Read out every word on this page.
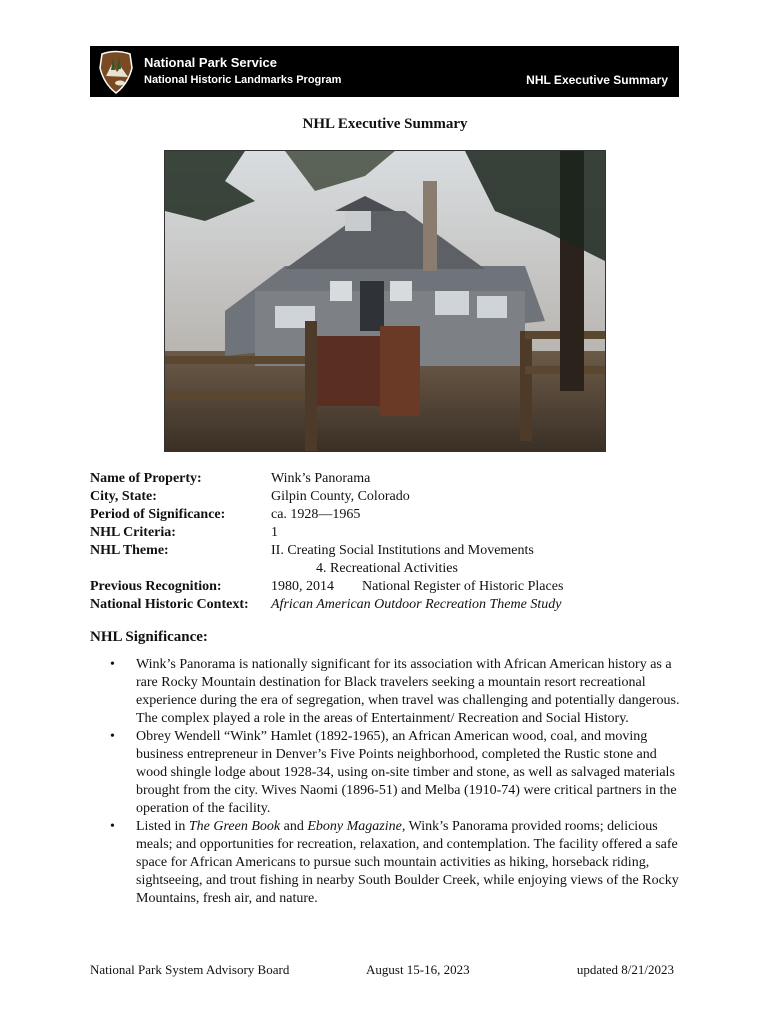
National Park Service
National Historic Landmarks Program	NHL Executive Summary
NHL Executive Summary
Name of Property:	Wink’s Panorama
City, State:	Gilpin County, Colorado
Period of Significance:	ca. 1928—1965
NHL Criteria:	1
NHL Theme:	II. Creating Social Institutions and Movements
4. Recreational Activities
Previous Recognition:	1980, 2014 National Register of Historic Places
National Historic Context: African American Outdoor Recreation Theme Study
NHL Significance:
• Wink’s Panorama is nationally significant for its association with African American history as a rare Rocky Mountain destination for Black travelers seeking a mountain resort recreational experience during the era of segregation, when travel was challenging and potentially dangerous. The complex played a role in the areas of Entertainment/ Recreation and Social History.
• Obrey Wendell “Wink” Hamlet (1892-1965), an African American wood, coal, and moving business entrepreneur in Denver’s Five Points neighborhood, completed the Rustic stone and wood shingle lodge about 1928-34, using on-site timber and stone, as well as salvaged materials brought from the city. Wives Naomi (1896-51) and Melba (1910-74) were critical partners in the operation of the facility.
• Listed in The Green Book and Ebony Magazine, Wink’s Panorama provided rooms; delicious meals; and opportunities for recreation, relaxation, and contemplation. The facility offered a safe space for African Americans to pursue such mountain activities as hiking, horseback riding, sightseeing, and trout fishing in nearby South Boulder Creek, while enjoying views of the Rocky Mountains, fresh air, and nature.
National Park System Advisory Board	August 15-16, 2023	updated 8/21/2023
